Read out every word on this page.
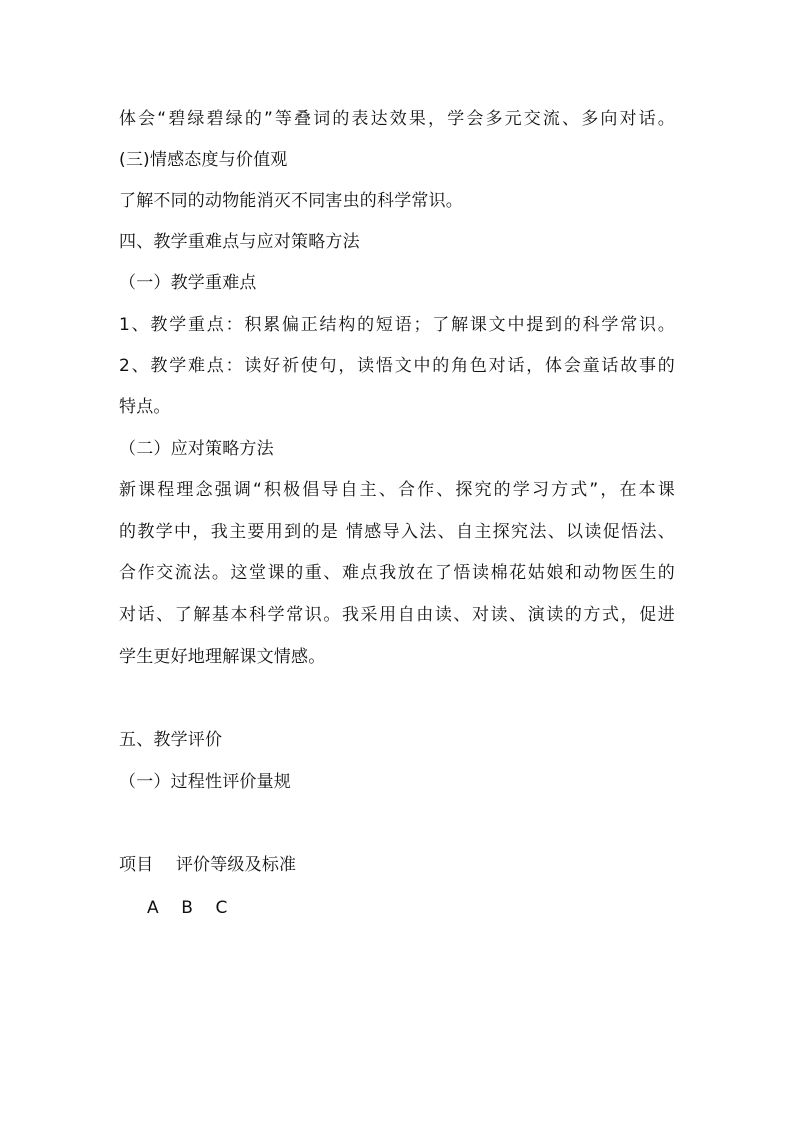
体会“碧绿碧绿的”等叠词的表达效果，学会多元交流、多向对话。
(三)情感态度与价值观
了解不同的动物能消灭不同害虫的科学常识。
四、教学重难点与应对策略方法
（一）教学重难点
1、教学重点：积累偏正结构的短语；了解课文中提到的科学常识。
2、教学难点：读好祈使句，读悟文中的角色对话，体会童话故事的
特点。
（二）应对策略方法
新课程理念强调“积极倡导自主、合作、探究的学习方式”，在本课
的教学中，我主要用到的是 情感导入法、自主探究法、以读促悟法、
合作交流法。这堂课的重、难点我放在了悟读棉花姑娘和动物医生的
对话、了解基本科学常识。我采用自由读、对读、演读的方式，促进
学生更好地理解课文情感。
五、教学评价
（一）过程性评价量规
项目    评价等级及标准
A    B    C
